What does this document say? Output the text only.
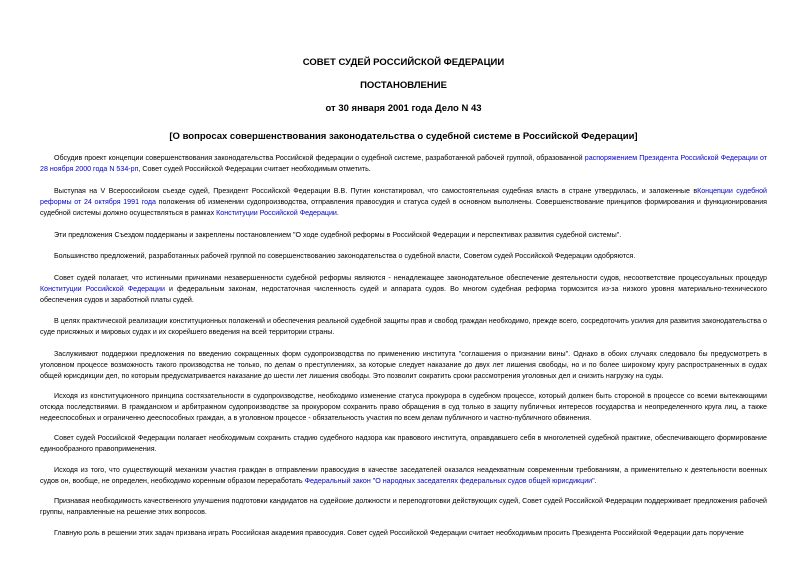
СОВЕТ СУДЕЙ РОССИЙСКОЙ ФЕДЕРАЦИИ
ПОСТАНОВЛЕНИЕ
от 30 января 2001 года Дело N 43
[О вопросах совершенствования законодательства о судебной системе в Российской Федерации]

Обсудив проект концепции совершенствования законодательства Российской федерации о судебной системе, разработанной рабочей группой, образованной распоряжением Президента Российской Федерации от 28 ноября 2000 года N 534-рп, Совет судей Российской Федерации считает необходимым отметить.

Выступая на V Всероссийском съезде судей, Президент Российской Федерации В.В. Путин констатировал, что самостоятельная судебная власть в стране утвердилась, и заложенные вКонцепции судебной реформы от 24 октября 1991 года положения об изменении судопроизводства, отправления правосудия и статуса судей в основном выполнены. Совершенствование принципов формирования и функционирования судебной системы должно осуществляться в рамках Конституции Российской Федерации.

Эти предложения Съездом поддержаны и закреплены постановлением "О ходе судебной реформы в Российской Федерации и перспективах развития судебной системы".

Большинство предложений, разработанных рабочей группой по совершенствованию законодательства о судебной власти, Советом судей Российской Федерации одобряются.

Совет судей полагает, что истинными причинами незавершенности судебной реформы являются - ненадлежащее законодательное обеспечение деятельности судов, несоответствие процессуальных процедур Конституции Российской Федерации и федеральным законам, недостаточная численность судей и аппарата судов. Во многом судебная реформа тормозится из-за низкого уровня материально-технического обеспечения судов и заработной платы судей.

В целях практической реализации конституционных положений и обеспечения реальной судебной защиты прав и свобод граждан необходимо, прежде всего, сосредоточить усилия для развития законодательства о суде присяжных и мировых судах и их скорейшего введения на всей территории страны.

Заслуживают поддержки предложения по введению сокращенных форм судопроизводства по применению института "соглашения о признании вины". Однако в обоих случаях следовало бы предусмотреть в уголовном процессе возможность такого производства не только, по делам о преступлениях, за которые следует наказание до двух лет лишения свободы, но и по более широкому кругу распространенных в судах общей юрисдикции дел, по которым предусматривается наказание до шести лет лишения свободы. Это позволит сократить сроки рассмотрения уголовных дел и снизить нагрузку на суды.

Исходя из конституционного принципа состязательности в судопроизводстве, необходимо изменение статуса прокурора в судебном процессе, который должен быть стороной в процессе со всеми вытекающими отсюда последствиями. В гражданском и арбитражном судопроизводстве за прокурором сохранить право обращения в суд только в защиту публичных интересов государства и неопределенного круга лиц, а также недееспособных и ограниченно дееспособных граждан, а в уголовном процессе - обязательность участия по всем делам публичного и частно-публичного обвинения.

Совет судей Российской Федерации полагает необходимым сохранить стадию судебного надзора как правового института, оправдавшего себя в многолетней судебной практике, обеспечивающего формирование единообразного правоприменения.

Исходя из того, что существующий механизм участия граждан в отправлении правосудия в качестве заседателей оказался неадекватным современным требованиям, а применительно к деятельности военных судов он, вообще, не определен, необходимо коренным образом переработать Федеральный закон "О народных заседателях федеральных судов общей юрисдикции".

Признавая необходимость качественного улучшения подготовки кандидатов на судейские должности и переподготовки действующих судей, Совет судей Российской Федерации поддерживает предложения рабочей группы, направленные на решение этих вопросов.

Главную роль в решении этих задач призвана играть Российская академия правосудия. Совет судей Российской Федерации считает необходимым просить Президента Российской Федерации дать поручение
